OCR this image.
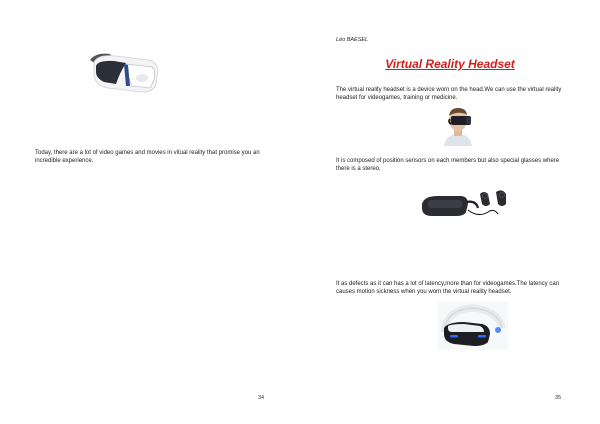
Today, there are a lot of video games and movies in vitual reality that promise you an incredible experience.
34
Léo BAESEL
Virtual Reality Headset
The virtual reality headset is a device worn on the head.We can use the virtual reality headset for videogames, training or medicine.
It is composed of position sensors on each members but also special glasses where there is a stereo.
It as defects as it can has a lot of latency,more than for videogames.The latency can causes motion sickness when you worn the virtual reality headset.
35
